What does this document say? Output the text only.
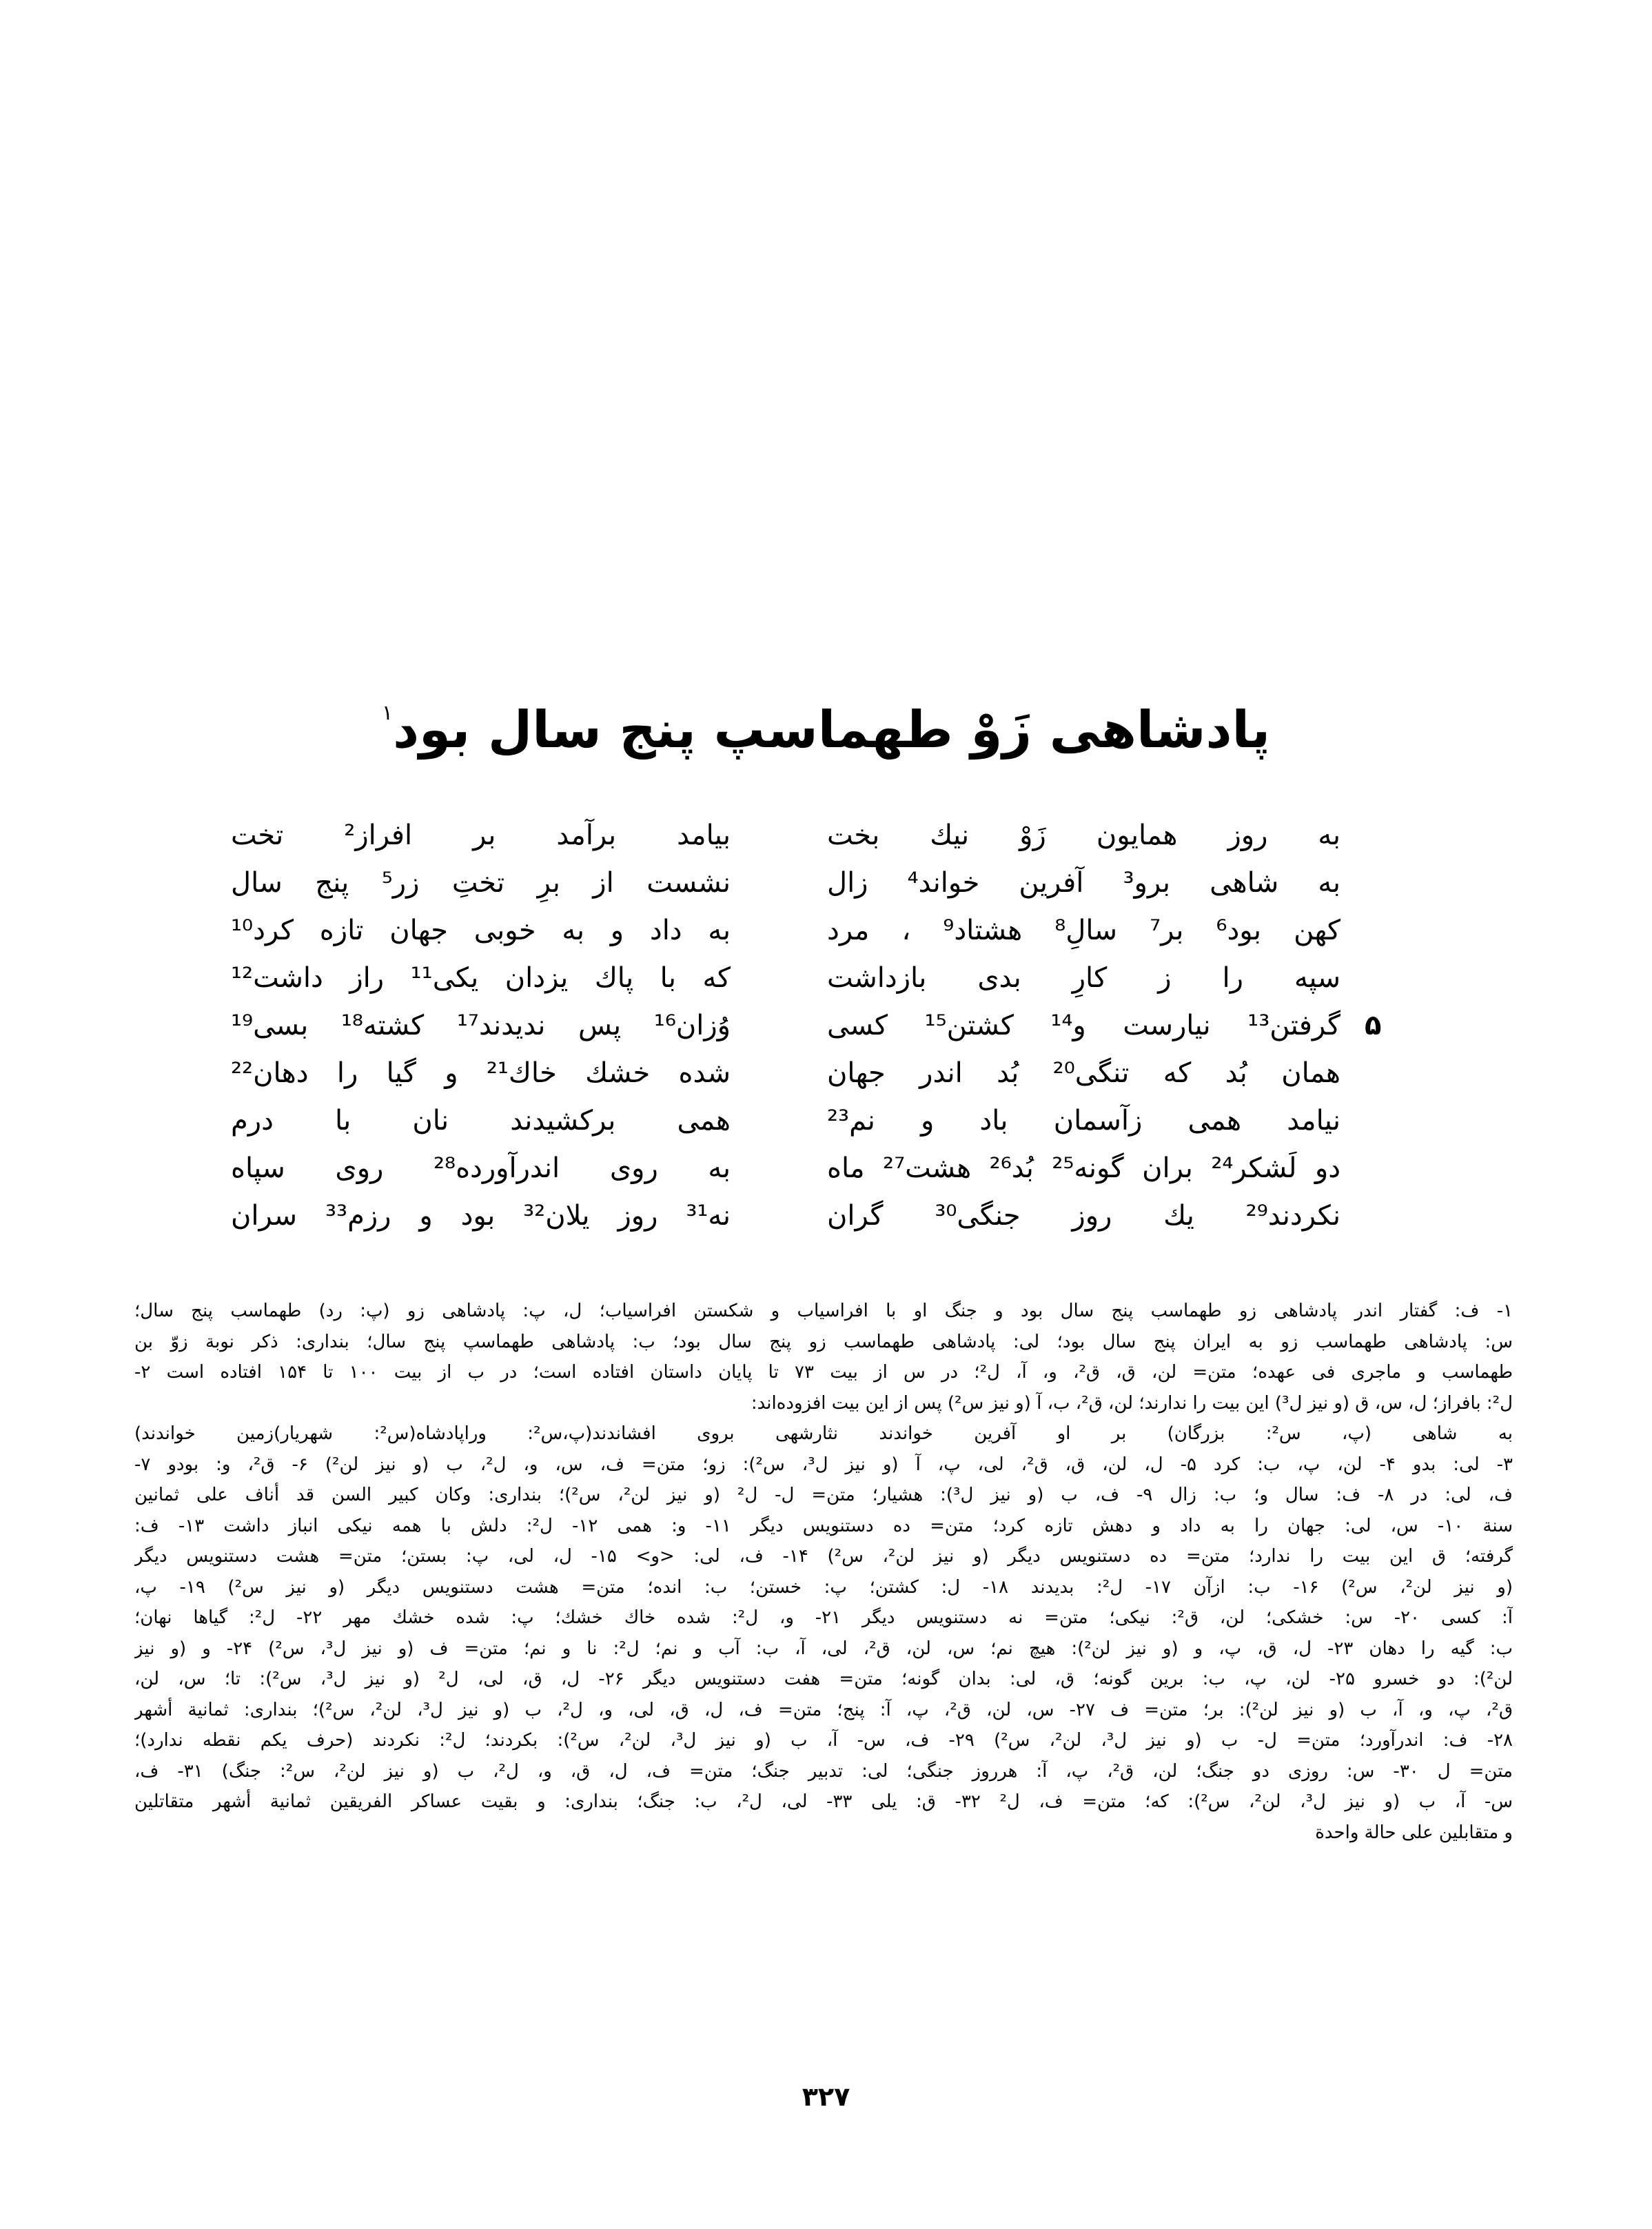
پادشاهی زَوْ طهماسپ پنج سال بود$^۱$
به روز همایون زَوْ نیك بخت
بیامد برآمد بر افراز² تخت
به شاهی برو³ آفرین خواند⁴ زال
نشست از برِ تختِ زر⁵ پنج سال
کهن بود⁶ بر⁷ سالِ⁸ هشتاد⁹ ، مرد
به داد و به خوبی جهان تازه کرد¹⁰
سپه را ز کارِ بدی بازداشت
که با پاك یزدان یکی¹¹ راز داشت¹²
۵
گرفتن¹³ نیارست و¹⁴ کشتن¹⁵ کسی
وُزان¹⁶ پس ندیدند¹⁷ کشته¹⁸ بسی¹⁹
همان بُد که تنگی²⁰ بُد اندر جهان
شده خشك خاك²¹ و گیا را دهان²²
نیامد همی زآسمان باد و نم²³
همی برکشیدند نان با درم
دو لَشکر²⁴ بران گونه²⁵ بُد²⁶ هشت²⁷ ماه
به روی اندرآورده²⁸ روی سپاه
نکردند²⁹ یك روز جنگی³⁰ گران
نه³¹ روز یلان³² بود و رزم³³ سران
۱- ف: گفتار اندر پادشاهی زو طهماسب پنج سال بود و جنگ او با افراسیاب و شکستن افراسیاب؛ ل، پ: پادشاهی زو (پ: رد) طهماسب پنج سال؛
س: پادشاهی طهماسب زو به ایران پنج سال بود؛ لی: پادشاهی طهماسب زو پنج سال بود؛ ب: پادشاهی طهماسپ پنج سال؛ بنداری: ذکر نوبة زوّ بن
طهماسب و ماجری فی عهده؛ متن= لن، ق، ق²، و، آ، ل²؛ در س از بیت ۷۳ تا پایان داستان افتاده است؛ در ب از بیت ۱۰۰ تا ۱۵۴ افتاده است ۲-
ل²: بافراز؛ ل، س، ق (و نیز ل³) این بیت را ندارند؛ لن، ق²، ب، آ (و نیز س²) پس از این بیت افزوده‌اند:
به شاهی (پ، س²: بزرگان) بر او آفرین خواندند نثارشهی بروی افشاندند(پ،س²: وراپادشاه(س²: شهریار)زمین خواندند)
۳- لی: بدو ۴- لن، پ، ب: کرد ۵- ل، لن، ق، ق²، لی، پ، آ (و نیز ل³، س²): زو؛ متن= ف، س، و، ل²، ب (و نیز لن²) ۶- ق²، و: بودو ۷-
ف، لی: در ۸- ف: سال و؛ ب: زال ۹- ف، ب (و نیز ل³): هشیار؛ متن= ل- ل² (و نیز لن²، س²)؛ بنداری: وکان کبیر السن قد أناف علی ثمانین
سنة ۱۰- س، لی: جهان را به داد و دهش تازه کرد؛ متن= ده دستنویس دیگر ۱۱- و: همی ۱۲- ل²: دلش با همه نیکی انباز داشت ۱۳- ف:
گرفته؛ ق این بیت را ندارد؛ متن= ده دستنویس دیگر (و نیز لن²، س²) ۱۴- ف، لی: <و> ۱۵- ل، لی، پ: بستن؛ متن= هشت دستنویس دیگر
(و نیز لن²، س²) ۱۶- ب: ازآن ۱۷- ل²: بدیدند ۱۸- ل: کشتن؛ پ: خستن؛ ب: انده؛ متن= هشت دستنویس دیگر (و نیز س²) ۱۹- پ،
آ: کسی ۲۰- س: خشکی؛ لن، ق²: نیکی؛ متن= نه دستنویس دیگر ۲۱- و، ل²: شده خاك خشك؛ پ: شده خشك مهر ۲۲- ل²: گیاها نهان؛
ب: گیه را دهان ۲۳- ل، ق، پ، و (و نیز لن²): هیچ نم؛ س، لن، ق²، لی، آ، ب: آب و نم؛ ل²: نا و نم؛ متن= ف (و نیز ل³، س²) ۲۴- و (و نیز
لن²): دو خسرو ۲۵- لن، پ، ب: برین گونه؛ ق، لی: بدان گونه؛ متن= هفت دستنویس دیگر ۲۶- ل، ق، لی، ل² (و نیز ل³، س²): تا؛ س، لن،
ق²، پ، و، آ، ب (و نیز لن²): بر؛ متن= ف ۲۷- س، لن، ق²، پ، آ: پنج؛ متن= ف، ل، ق، لی، و، ل²، ب (و نیز ل³، لن²، س²)؛ بنداری: ثمانیة أشهر
۲۸- ف: اندرآورد؛ متن= ل- ب (و نیز ل³، لن²، س²) ۲۹- ف، س- آ، ب (و نیز ل³، لن²، س²): بکردند؛ ل²: نکردند (حرف یکم نقطه ندارد)؛
متن= ل ۳۰- س: روزی دو جنگ؛ لن، ق²، پ، آ: هرروز جنگی؛ لی: تدبیر جنگ؛ متن= ف، ل، ق، و، ل²، ب (و نیز لن²، س²: جنگ) ۳۱- ف،
س- آ، ب (و نیز ل³، لن²، س²): که؛ متن= ف، ل² ۳۲- ق: یلی ۳۳- لی، ل²، ب: جنگ؛ بنداری: و بقیت عساکر الفریقین ثمانیة أشهر متقاتلین
و متقابلین علی حالة واحدة
۳۲۷
